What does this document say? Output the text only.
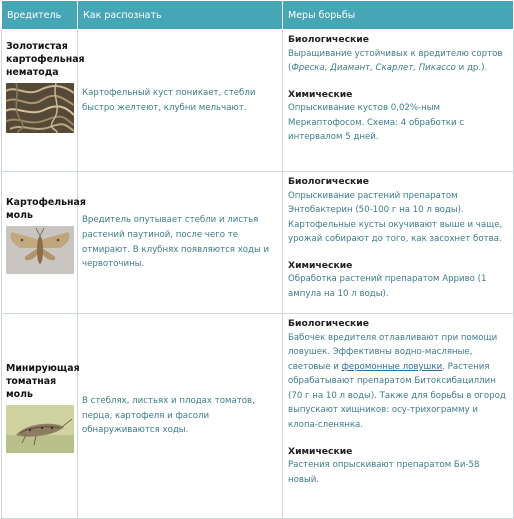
Вредитель	Как распознать	Меры борьбы

Золотистая картофельная нематода	Картофельный куст поникает, стебли быстро желтеют, клубни мельчают.	Биологические
Выращивание устойчивых к вредителю сортов (Фреска, Диамант, Скарлет, Пикассо и др.).
Химические
Опрыскивание кустов 0,02%-ным Меркаптофосом. Схема: 4 обработки с интервалом 5 дней.

Картофельная моль	Вредитель опутывает стебли и листья растений паутиной, после чего те отмирают. В клубнях появляются ходы и червоточины.	Биологические
Опрыскивание растений препаратом Энтобактерин (50-100 г на 10 л воды). Картофельные кусты окучивают выше и чаще, урожай собирают до того, как засохнет ботва.
Химические
Обработка растений препаратом Арриво (1 ампула на 10 л воды).

Минирующая томатная моль	В стеблях, листьях и плодах томатов, перца, картофеля и фасоли обнаруживаются ходы.	Биологические
Бабочек вредителя отлавливают при помощи ловушек. Эффективны водно-масляные, световые и феромонные ловушки. Растения обрабатывают препаратом Битоксибациллин (70 г на 10 л воды). Также для борьбы в огород выпускают хищников: осу-трихограмму и клопа-сленянка.
Химические
Растения опрыскивают препаратом Би-58 новый.
